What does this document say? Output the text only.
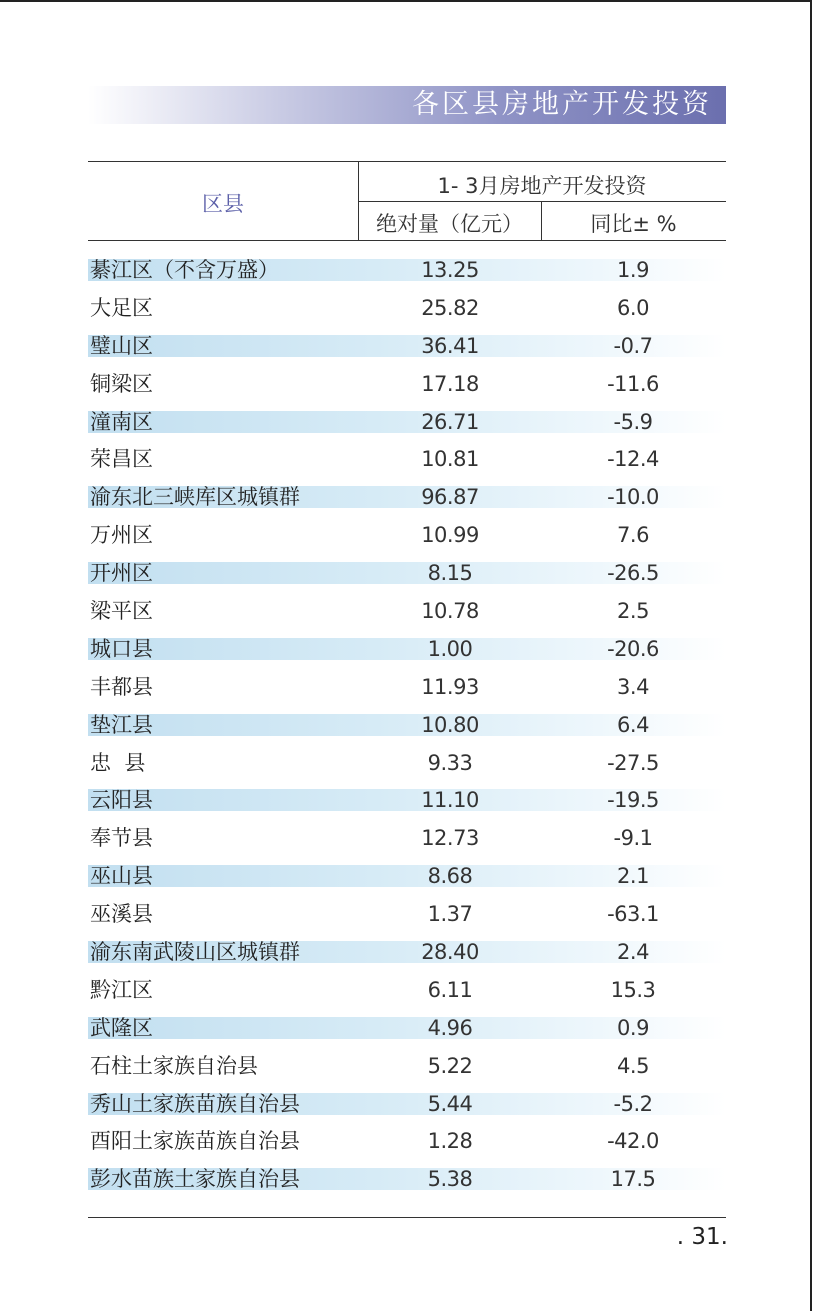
各区县房地产开发投资
区县
1- 3月房地产开发投资
绝对量（亿元）	同比± %
綦江区（不含万盛）	13.25	1.9
大足区	25.82	6.0
璧山区	36.41	-0.7
铜梁区	17.18	-11.6
潼南区	26.71	-5.9
荣昌区	10.81	-12.4
渝东北三峡库区城镇群	96.87	-10.0
万州区	10.99	7.6
开州区	8.15	-26.5
梁平区	10.78	2.5
城口县	1.00	-20.6
丰都县	11.93	3.4
垫江县	10.80	6.4
忠  县	9.33	-27.5
云阳县	11.10	-19.5
奉节县	12.73	-9.1
巫山县	8.68	2.1
巫溪县	1.37	-63.1
渝东南武陵山区城镇群	28.40	2.4
黔江区	6.11	15.3
武隆区	4.96	0.9
石柱土家族自治县	5.22	4.5
秀山土家族苗族自治县	5.44	-5.2
酉阳土家族苗族自治县	1.28	-42.0
彭水苗族土家族自治县	5.38	17.5
. 31.
